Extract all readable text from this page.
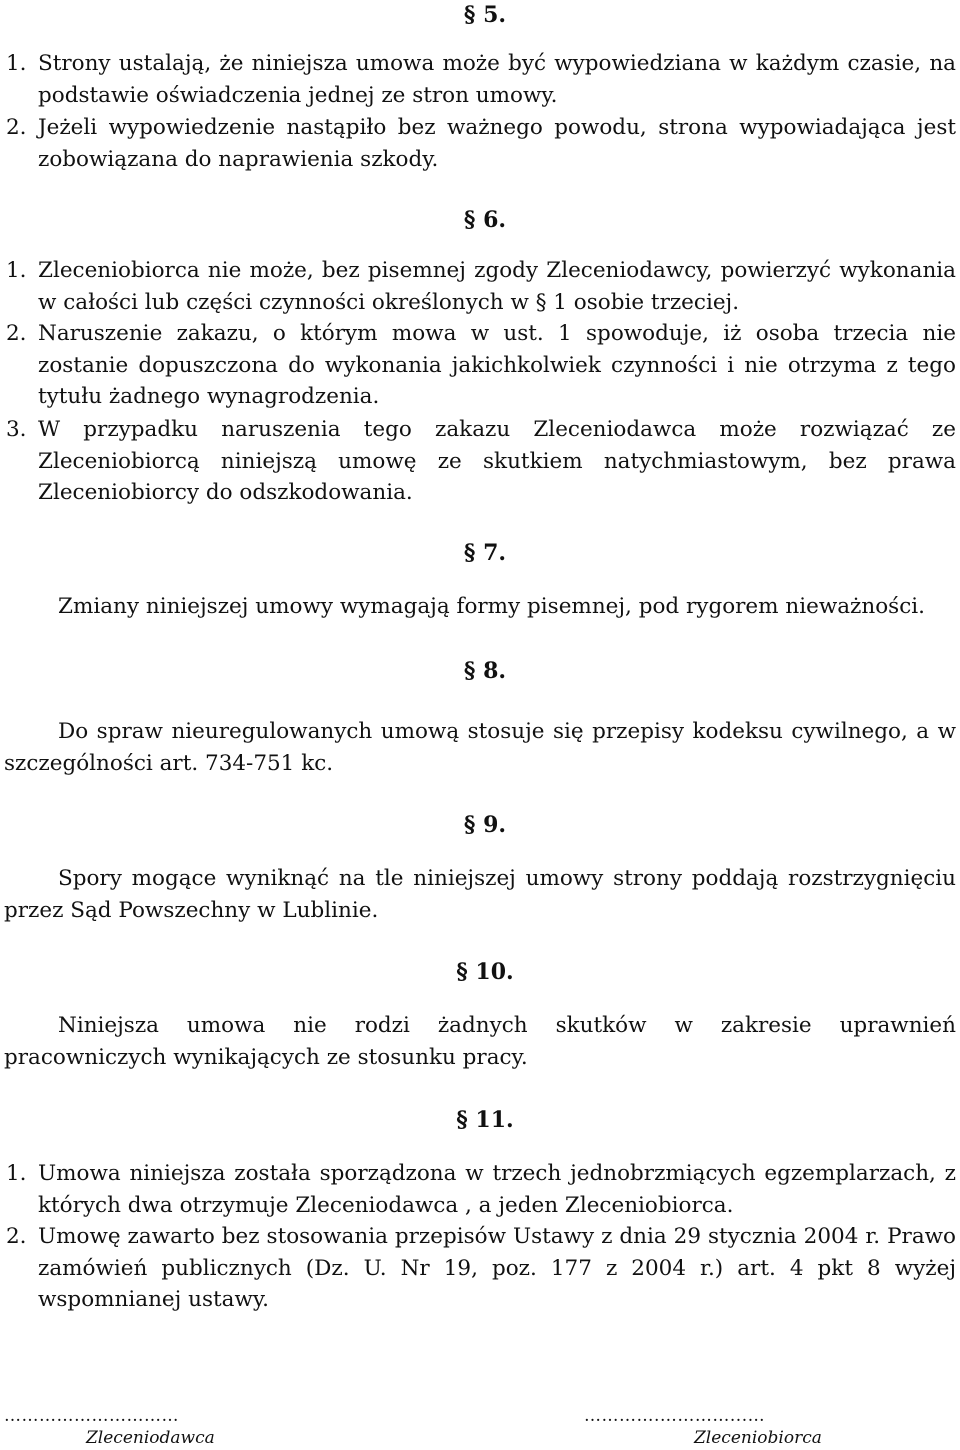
§ 5.
1. Strony ustalają, że niniejsza umowa może być wypowiedziana w każdym czasie, na podstawie oświadczenia jednej ze stron umowy.
2. Jeżeli wypowiedzenie nastąpiło bez ważnego powodu, strona wypowiadająca jest zobowiązana do naprawienia szkody.
§ 6.
1. Zleceniobiorca nie może, bez pisemnej zgody Zleceniodawcy, powierzyć wykonania w całości lub części czynności określonych w § 1 osobie trzeciej.
2. Naruszenie zakazu, o którym mowa w ust. 1 spowoduje, iż osoba trzecia nie zostanie dopuszczona do wykonania jakichkolwiek czynności i nie otrzyma z tego tytułu żadnego wynagrodzenia.
3. W przypadku naruszenia tego zakazu Zleceniodawca może rozwiązać ze Zleceniobiorcą niniejszą umowę ze skutkiem natychmiastowym, bez prawa Zleceniobiorcy do odszkodowania.
§ 7.
Zmiany niniejszej umowy wymagają formy pisemnej, pod rygorem nieważności.
§ 8.
Do spraw nieuregulowanych umową stosuje się przepisy kodeksu cywilnego, a w szczególności art. 734-751 kc.
§ 9.
Spory mogące wyniknąć na tle niniejszej umowy strony poddają rozstrzygnięciu przez Sąd Powszechny w Lublinie.
§ 10.
Niniejsza umowa nie rodzi żadnych skutków w zakresie uprawnień pracowniczych wynikających ze stosunku pracy.
§ 11.
1. Umowa niniejsza została sporządzona w trzech jednobrzmiących egzemplarzach, z których dwa otrzymuje Zleceniodawca , a jeden Zleceniobiorca.
2. Umowę zawarto bez stosowania przepisów Ustawy z dnia 29 stycznia 2004 r. Prawo zamówień publicznych (Dz. U. Nr 19, poz. 177 z 2004 r.) art. 4 pkt 8 wyżej wspomnianej ustawy.
…………………………
Zleceniodawca
………….…………...…
Zleceniobiorca
